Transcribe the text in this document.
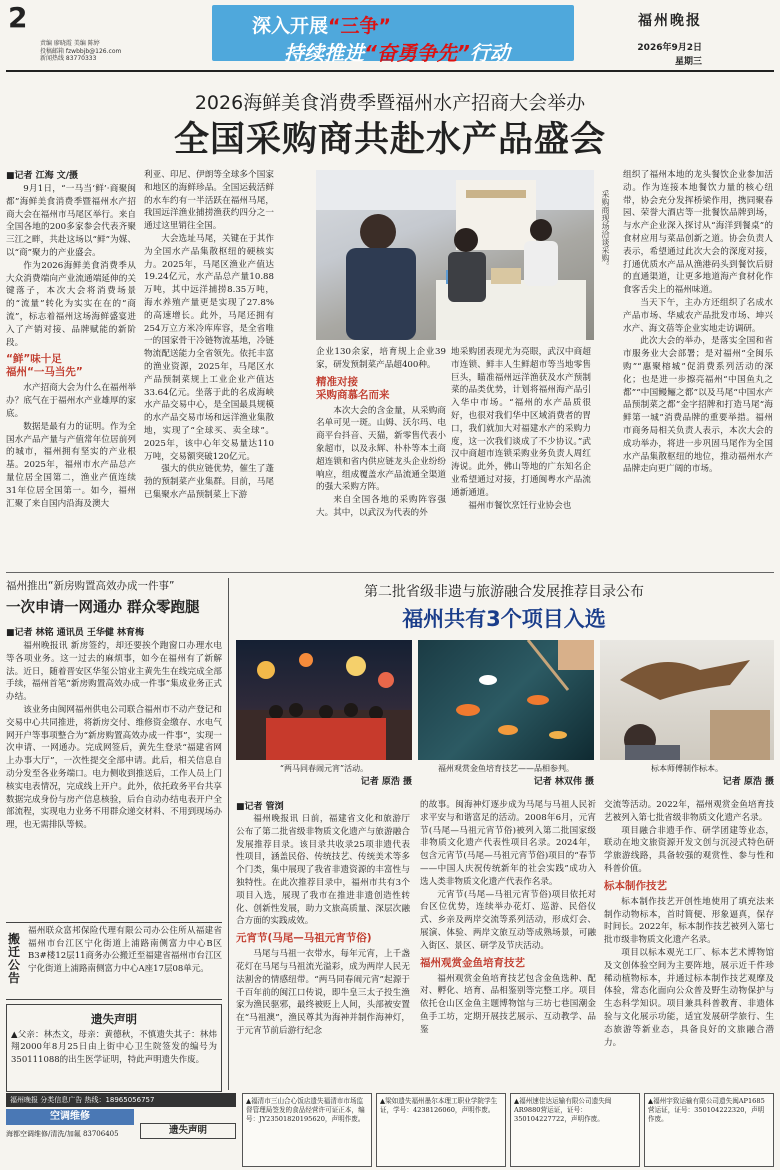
2
责编 廖晓霞 美编 陈婷
投稿邮箱 fzwbbjb@126.com
新闻热线 83770333
深入开展“三争”
持续推进“奋勇争先”行动
福州晚报
2026年9月2日
星期三
2026海鲜美食消费季暨福州水产招商大会举办
全国采购商共赴水产品盛会
■记者 江海 文/摄

9月1日，“一马当‘鲜’·商聚闽都”海鲜美食消费季暨福州水产招商大会在福州市马尾区举行。来自全国各地的200多家参会代表齐聚三江之畔，共赴这场以“鲜”为媒、以“商”聚力的产业盛会。

作为2026海鲜美食消费季从大众消费端向产业流通端延伸的关键落子，本次大会将消费场景的“流量”转化为实实在在的“商流”，标志着福州这场海鲜盛宴进入了产销对接、品牌赋能的新阶段。

“鲜”味十足
福州“一马当先”

水产招商大会为什么在福州举办？底气在于福州水产业雄厚的家底。

数据是最有力的证明。作为全国水产品产量与产值常年位居前列的城市，福州拥有坚实的产业根基。2025年，福州市水产品总产量位居全国第二，渔业产值连续31年位居全国第一。如今，福州汇聚了来自国内沿海及澳大

利亚、印尼、伊朗等全球多个国家和地区的海鲜珍品。全国运载活鲜的水车约有一半活跃在福州马尾，我国远洋渔业捕捞渔获约四分之一通过这里销往全国。

大会选址马尾，关键在于其作为全国水产品集散枢纽的硬核实力。2025年，马尾区渔业产值达19.24亿元，水产品总产量10.88万吨，其中远洋捕捞8.35万吨，海水养殖产量更是实现了27.8%的高速增长。此外，马尾还拥有254万立方米冷库库容，是全省唯一的国家骨干冷链物流基地，冷链物流配送能力全省领先。依托丰富的渔业资源，2025年，马尾区水产品预制菜规上工业企业产值达33.64亿元。坐落于此的名成海峡水产品交易中心，是全国最具规模的水产品交易市场和远洋渔业集散地，实现了“全球买、卖全球”。2025年，该中心年交易量达110万吨，交易额突破120亿元。

强大的供应链优势，催生了蓬勃的预制菜产业集群。目前，马尾已集聚水产品预制菜上下游

采购商现场洽谈采购。

企业130余家，培育规上企业39家，研发预制菜产品超400种。

精准对接
采购商慕名而来

本次大会的含金量，从采购商名单可见一斑。山姆、沃尔玛、电商平台抖音、天猫，新零售代表小象超市，以及永辉、朴朴等本土商超连锁和省内供应链龙头企业纷纷响应，组成覆盖水产品流通全渠道的强大采购方阵。

来自全国各地的采购阵容强大。其中，以武汉为代表的外

地采购团表现尤为亮眼，武汉中商超市连锁、鲜丰人生鲜超市等当地零售巨头，瞄准福州远洋渔获及水产预制菜的品类优势，计划将福州海产品引入华中市场。“福州的水产品质很好，也很对我们华中区域消费者的胃口，我们就加大对福建水产的采购力度，这一次我们谈成了不少协议。”武汉中商超市连锁采购业务负责人周红涛说。此外，佛山等地的广东知名企业希望通过对接，打通闽粤水产品流通新通道。

福州市餐饮烹饪行业协会也

组织了福州本地的龙头餐饮企业参加活动。作为连接本地餐饮力量的核心纽带，协会充分发挥桥梁作用，携同聚春园、荣誉大酒店等一批餐饮品牌到场，与水产企业深入探讨从“海洋到餐桌”的食材应用与菜品创新之道。协会负责人表示，希望通过此次大会的深度对接，打通优质水产品从渔港码头到餐饮后厨的直通渠道，让更多地道海产食材化作食客舌尖上的福州味道。

当天下午，主办方还组织了名成水产品市场、华威农产品批发市场、坤兴水产、海文蓓等企业实地走访调研。

此次大会的举办，是落实全国和省市服务业大会部署；是对福州“全闽乐购”“惠聚榕城”促消费系列活动的深化；也是进一步擦亮福州“中国鱼丸之都”“中国鳗鲡之都”以及马尾“中国水产品预制菜之都”金字招牌和打造马尾“海鲜第一城”消费品牌的重要举措。福州市商务局相关负责人表示，本次大会的成功举办，将进一步巩固马尾作为全国水产品集散枢纽的地位，推动福州水产品牌走向更广阔的市场。

福州推出“新房购置高效办成一件事”
一次申请一网通办 群众零跑腿
■记者 林铭 通讯员 王华健 林育梅

福州晚报讯 新房签约，却还要挨个跑窗口办理水电等各项业务。这一过去的麻烦事，如今在福州有了新解法。近日，随着晋安区华玺公馆业主黄先生在线完成全部手续，福州首笔“新房购置高效办成一件事”集成业务正式办结。

该业务由闽网福州供电公司联合福州市不动产登记和交易中心共同推进，将新房交付、维修资金缴存、水电气网开户等事项整合为“新房购置高效办成一件事”，实现一次申请、一网通办。完成网签后，黄先生登录“福建省网上办事大厅”，一次性提交全部申请。此后，相关信息自动分发至各业务端口。电力侧收到推送后，工作人员上门核实电表情况，完成线上开户。此外，依托政务平台共享数据完成身份与房产信息核验，后台自动办结电表开户全部流程，实现电力业务不用群众递交材料、不用到现场办理，也无需排队等候。

搬迁公告
福州联众富邦保险代理有限公司办公住所从福建省福州市台江区宁化街道上浦路南侧富力中心B区B3#楼12层11商务办公搬迁至福建省福州市台江区宁化街道上浦路南侧富力中心A座17层08单元。
遗失声明
▲父亲：林杰文，母亲：黄德秋，不慎遗失其子：林炜翔2000年8月25日由上街中心卫生院签发的编号为350111088的出生医学证明，特此声明遗失作废。
第二批省级非遗与旅游融合发展推荐目录公布
福州共有3个项目入选
“两马同春闹元宵”活动。
记者 原浩 摄
福州观赏金鱼培育技艺——品相参判。
记者 林双伟 摄
标本师傅制作标本。
记者 原浩 摄
■记者 管浏

福州晚报讯 日前，福建省文化和旅游厅公布了第二批省级非物质文化遗产与旅游融合发展推荐目录。该目录共收录25项非遗代表性项目，涵盖民俗、传统技艺、传统美术等多个门类，集中展现了我省非遗资源的丰富性与独特性。在此次推荐目录中，福州市共有3个项目入选，展现了我市在推进非遗创造性转化、创新性发展，助力文旅高质量、深层次融合方面的实践成效。

元宵节(马尾—马祖元宵节俗)

马尾与马祖一衣带水，每年元宵，上千盏花灯在马尾与马祖流光溢彩，成为两岸人民无法割舍的情感纽带。“两马同春闹元宵”起源于千百年前的闽江口传说，即牛皇三太子投生渔家为渔民驱邪，最终被贬上人间，头部被安置在“马祖澳”，渔民尊其为海神并制作海神灯，于元宵节前后游行纪念

的故事。闽海神灯逐步成为马尾与马祖人民祈求平安与和谐富足的活动。2008年6月，元宵节(马尾—马祖元宵节俗)被列入第二批国家级非物质文化遗产代表性项目名录。2024年，包含元宵节(马尾—马祖元宵节俗)项目的“春节——中国人庆祝传统新年的社会实践”成功入选人类非物质文化遗产代表作名录。

元宵节(马尾—马祖元宵节俗)项目依托对台区位优势，连续举办花灯、巡游、民俗仪式、乡亲及两岸交流等系列活动，形成灯会、展演、体验、两岸文旅互动等成熟场景，可融入街区、景区、研学及节庆活动。

福州观赏金鱼培育技艺

福州观赏金鱼培育技艺包含金鱼选种、配对、孵化、培育、品相鉴别等完整工序。项目依托仓山区金鱼主题博物馆与三坊七巷国潮金鱼手工坊，定期开展技艺展示、互动教学、品鉴

交流等活动。2022年，福州观赏金鱼培育技艺被列入第七批省级非物质文化遗产名录。

项目融合非遗手作、研学团建等业态，联动在地文旅资源开发文创与沉浸式特色研学旅游线路，具备较强的观赏性、参与性和科普价值。

标本制作技艺

标本制作技艺开创性地使用了填充法来制作动物标本，首时简便、形象逼真，保存时间长。2022年，标本制作技艺被列入第七批市级非物质文化遗产名录。

项目以标本观光工厂、标本艺术博物馆及文创体验空间为主要阵地，展示近千件珍稀动植物标本，并通过标本制作技艺观摩及体验，常态化面向公众普及野生动物保护与生态科学知识。项目兼具科普教育、非遗体验与文化展示功能，适宜发展研学旅行、生态旅游等新业态，具备良好的文旅融合潜力。

福州晚报 分类信息广告 热线：18965056757
空调维修
海都空调维修/清洗/加氟 83706405	遗失声明
▲福清市三山合心饭店遗失福清市市场监督管理局签发的食品经营许可证正本，编号：JY23501820195620，声明作废。
▲梁如遗失福州墨尔本理工职业学院学生证，学号：4238126060，声明作废。
▲福州速佳达运输有限公司遗失闽AR9880营运证，证号：350104227722，声明作废。
▲福州宇致运输有限公司遗失闽AP1685营运证，证号：350104222320，声明作废。
